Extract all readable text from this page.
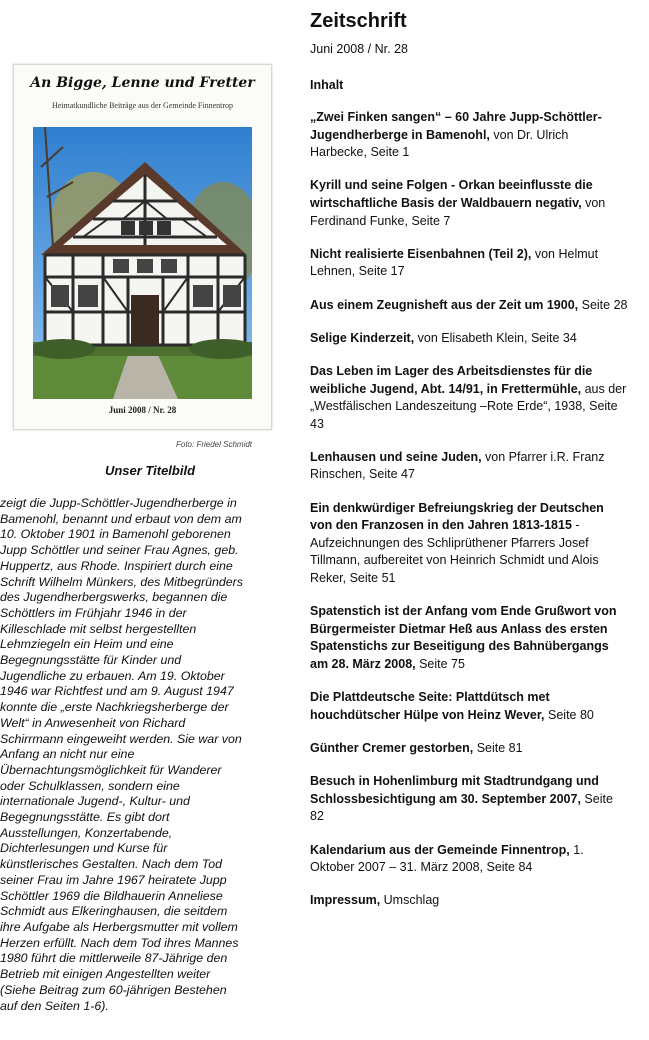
An Bigge, Lenne und Fretter
Heimatkundliche Beiträge aus der Gemeinde Finnentrop
Juni 2008 / Nr. 28
Foto: Friedel Schmidt
Unser Titelbild
zeigt die Jupp-Schöttler-Jugendherberge in
Bamenohl, benannt und erbaut von dem am
10. Oktober 1901 in Bamenohl geborenen
Jupp Schöttler und seiner Frau Agnes, geb.
Huppertz, aus Rhode. Inspiriert durch eine
Schrift Wilhelm Münkers, des Mitbegründers
des Jugendherbergswerks, begannen die
Schöttlers im Frühjahr 1946 in der
Killeschlade mit selbst hergestellten
Lehmziegeln ein Heim und eine
Begegnungsstätte für Kinder und
Jugendliche zu erbauen. Am 19. Oktober
1946 war Richtfest und am 9. August 1947
konnte die „erste Nachkriegsherberge der
Welt“ in Anwesenheit von Richard
Schirrmann eingeweiht werden. Sie war von
Anfang an nicht nur eine
Übernachtungsmöglichkeit für Wanderer
oder Schulklassen, sondern eine
internationale Jugend-, Kultur- und
Begegnungsstätte. Es gibt dort
Ausstellungen, Konzertabende,
Dichterlesungen und Kurse für
künstlerisches Gestalten. Nach dem Tod
seiner Frau im Jahre 1967 heiratete Jupp
Schöttler 1969 die Bildhauerin Anneliese
Schmidt aus Elkeringhausen, die seitdem
ihre Aufgabe als Herbergsmutter mit vollem
Herzen erfüllt. Nach dem Tod ihres Mannes
1980 führt die mittlerweile 87-Jährige den
Betrieb mit einigen Angestellten weiter
(Siehe Beitrag zum 60-jährigen Bestehen
auf den Seiten 1-6).
Zeitschrift
Juni 2008 / Nr. 28
Inhalt
„Zwei Finken sangen“ – 60 Jahre Jupp-Schöttler-Jugendherberge in Bamenohl, von Dr. Ulrich Harbecke, Seite 1
Kyrill und seine Folgen - Orkan beeinflusste die wirtschaftliche Basis der Waldbauern negativ, von Ferdinand Funke, Seite 7
Nicht realisierte Eisenbahnen (Teil 2), von Helmut Lehnen, Seite 17
Aus einem Zeugnisheft aus der Zeit um 1900, Seite 28
Selige Kinderzeit, von Elisabeth Klein, Seite 34
Das Leben im Lager des Arbeitsdienstes für die weibliche Jugend, Abt. 14/91, in Frettermühle, aus der „Westfälischen Landeszeitung –Rote Erde“, 1938, Seite 43
Lenhausen und seine Juden, von Pfarrer i.R. Franz Rinschen, Seite 47
Ein denkwürdiger Befreiungskrieg der Deutschen von den Franzosen in den Jahren 1813-1815 - Aufzeichnungen des Schliprüthener Pfarrers Josef Tillmann, aufbereitet von Heinrich Schmidt und Alois Reker, Seite 51
Spatenstich ist der Anfang vom Ende Grußwort von Bürgermeister Dietmar Heß aus Anlass des ersten Spatenstichs zur Beseitigung des Bahnübergangs am 28. März 2008, Seite 75
Die Plattdeutsche Seite: Plattdütsch met houchdütscher Hülpe von Heinz Wever, Seite 80
Günther Cremer gestorben, Seite 81
Besuch in Hohenlimburg mit Stadtrundgang und Schlossbesichtigung am 30. September 2007, Seite 82
Kalendarium aus der Gemeinde Finnentrop, 1. Oktober 2007 – 31. März 2008, Seite 84
Impressum, Umschlag
